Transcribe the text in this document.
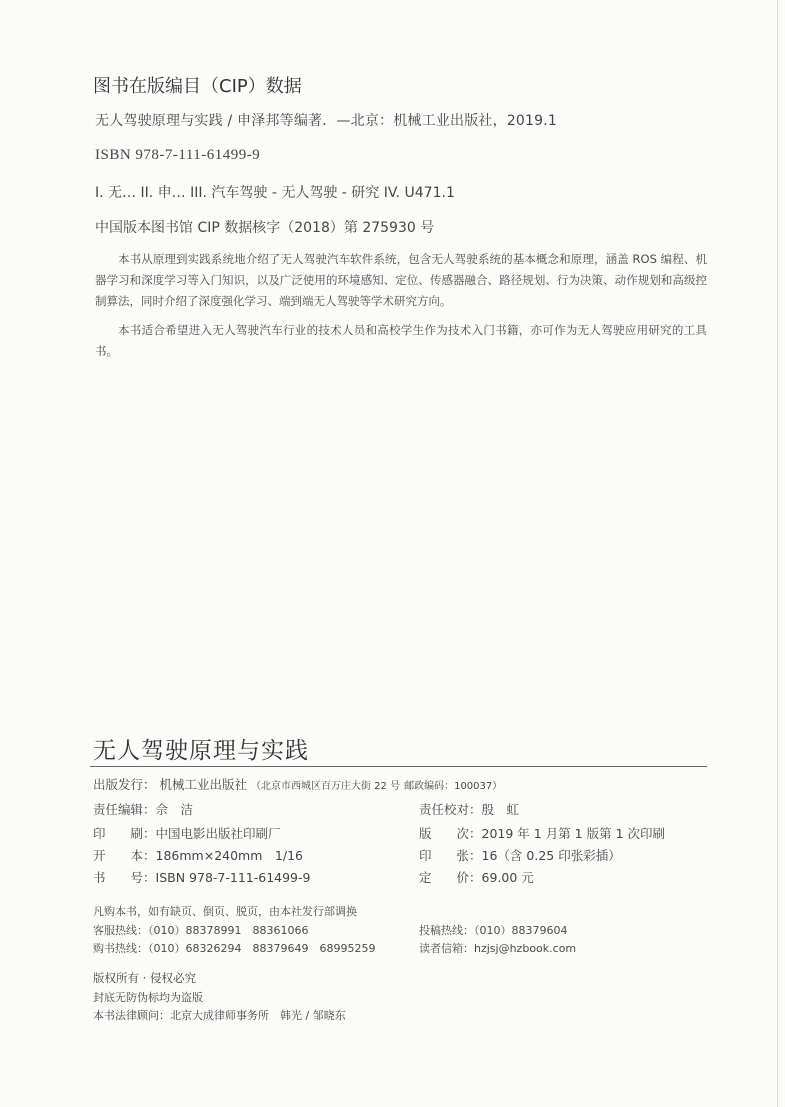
图书在版编目（CIP）数据
无人驾驶原理与实践 / 申泽邦等编著．—北京：机械工业出版社，2019.1
ISBN 978-7-111-61499-9
I. 无… II. 申… III. 汽车驾驶 - 无人驾驶 - 研究 IV. U471.1
中国版本图书馆 CIP 数据核字（2018）第 275930 号

本书从原理到实践系统地介绍了无人驾驶汽车软件系统，包含无人驾驶系统的基本概念和原理，涵盖 ROS 编程、机器学习和深度学习等入门知识，以及广泛使用的环境感知、定位、传感器融合、路径规划、行为决策、动作规划和高级控制算法，同时介绍了深度强化学习、端到端无人驾驶等学术研究方向。

本书适合希望进入无人驾驶汽车行业的技术人员和高校学生作为技术入门书籍，亦可作为无人驾驶应用研究的工具书。

无人驾驶原理与实践
出版发行： 机械工业出版社 （北京市西城区百万庄大街 22 号 邮政编码：100037）
责任编辑：佘　洁
印　　刷：中国电影出版社印刷厂
开　　本：186mm×240mm　1/16
书　　号：ISBN 978-7-111-61499-9
责任校对：殷　虹
版　　次：2019 年 1 月第 1 版第 1 次印刷
印　　张：16（含 0.25 印张彩插）
定　　价：69.00 元
凡购本书，如有缺页、倒页、脱页，由本社发行部调换
客服热线：（010）88378991　88361066
购书热线：（010）68326294　88379649　68995259
投稿热线：（010）88379604
读者信箱：hzjsj@hzbook.com
版权所有 · 侵权必究
封底无防伪标均为盗版
本书法律顾问：北京大成律师事务所　韩光 / 邹晓东
